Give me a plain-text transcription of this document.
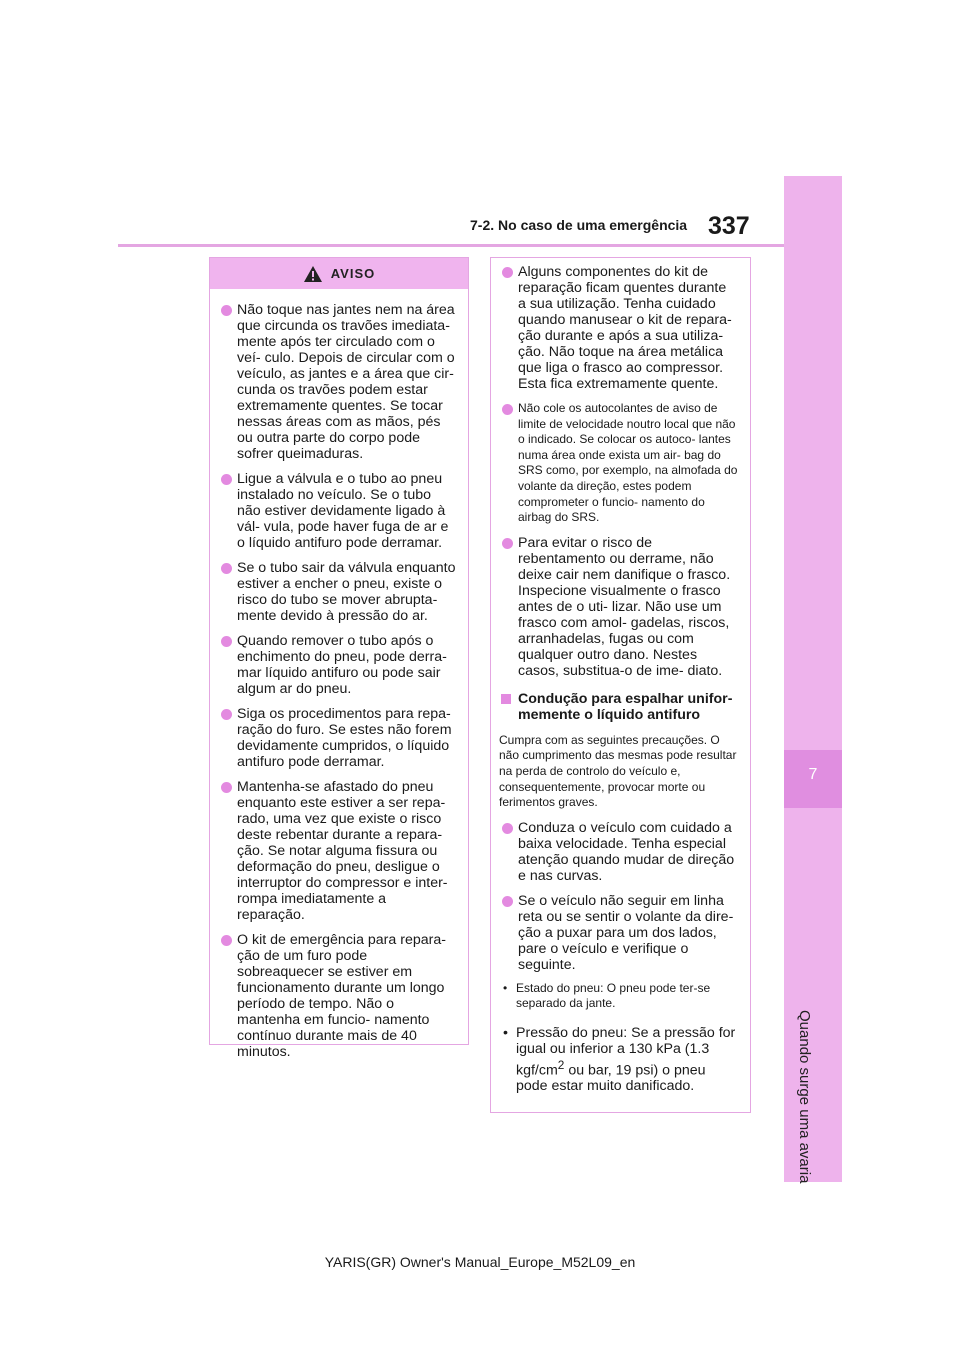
7
Quando surge uma avaria
7-2. No caso de uma emergência 337
AVISO
Não toque nas jantes nem na área que circunda os travões imediata- mente após ter circulado com o veí- culo. Depois de circular com o veículo, as jantes e a área que cir- cunda os travões podem estar extremamente quentes. Se tocar nessas áreas com as mãos, pés ou outra parte do corpo pode sofrer queimaduras.
Ligue a válvula e o tubo ao pneu instalado no veículo. Se o tubo não estiver devidamente ligado à vál- vula, pode haver fuga de ar e o líquido antifuro pode derramar.
Se o tubo sair da válvula enquanto estiver a encher o pneu, existe o risco do tubo se mover abrupta- mente devido à pressão do ar.
Quando remover o tubo após o enchimento do pneu, pode derra- mar líquido antifuro ou pode sair algum ar do pneu.
Siga os procedimentos para repa- ração do furo. Se estes não forem devidamente cumpridos, o líquido antifuro pode derramar.
Mantenha-se afastado do pneu enquanto este estiver a ser repa- rado, uma vez que existe o risco deste rebentar durante a repara- ção. Se notar alguma fissura ou deformação do pneu, desligue o interruptor do compressor e inter- rompa imediatamente a reparação.
O kit de emergência para repara- ção de um furo pode sobreaquecer se estiver em funcionamento durante um longo período de tempo. Não o mantenha em funcio- namento contínuo durante mais de 40 minutos.
Alguns componentes do kit de reparação ficam quentes durante a sua utilização. Tenha cuidado quando manusear o kit de repara- ção durante e após a sua utiliza- ção. Não toque na área metálica que liga o frasco ao compressor. Esta fica extremamente quente.
Não cole os autocolantes de aviso de limite de velocidade noutro local que não o indicado. Se colocar os autoco- lantes numa área onde exista um air- bag do SRS como, por exemplo, na almofada do volante da direção, estes podem comprometer o funcio- namento do airbag do SRS.
Para evitar o risco de rebentamento ou derrame, não deixe cair nem danifique o frasco. Inspecione visualmente o frasco antes de o uti- lizar. Não use um frasco com amol- gadelas, riscos, arranhadelas, fugas ou com qualquer outro dano. Nestes casos, substitua-o de ime- diato.
Condução para espalhar unifor- memente o líquido antifuro
Cumpra com as seguintes precauções. O não cumprimento das mesmas pode resultar na perda de controlo do veículo e, consequentemente, provocar morte ou ferimentos graves.
Conduza o veículo com cuidado a baixa velocidade. Tenha especial atenção quando mudar de direção e nas curvas.
Se o veículo não seguir em linha reta ou se sentir o volante da dire- ção a puxar para um dos lados, pare o veículo e verifique o seguinte.
• Estado do pneu: O pneu pode ter-se separado da jante.
• Pressão do pneu: Se a pressão for igual ou inferior a 130 kPa (1.3 kgf/$cm^2$ ou bar, 19 psi) o pneu pode estar muito danificado.
YARIS(GR) Owner's Manual_Europe_M52L09_en
